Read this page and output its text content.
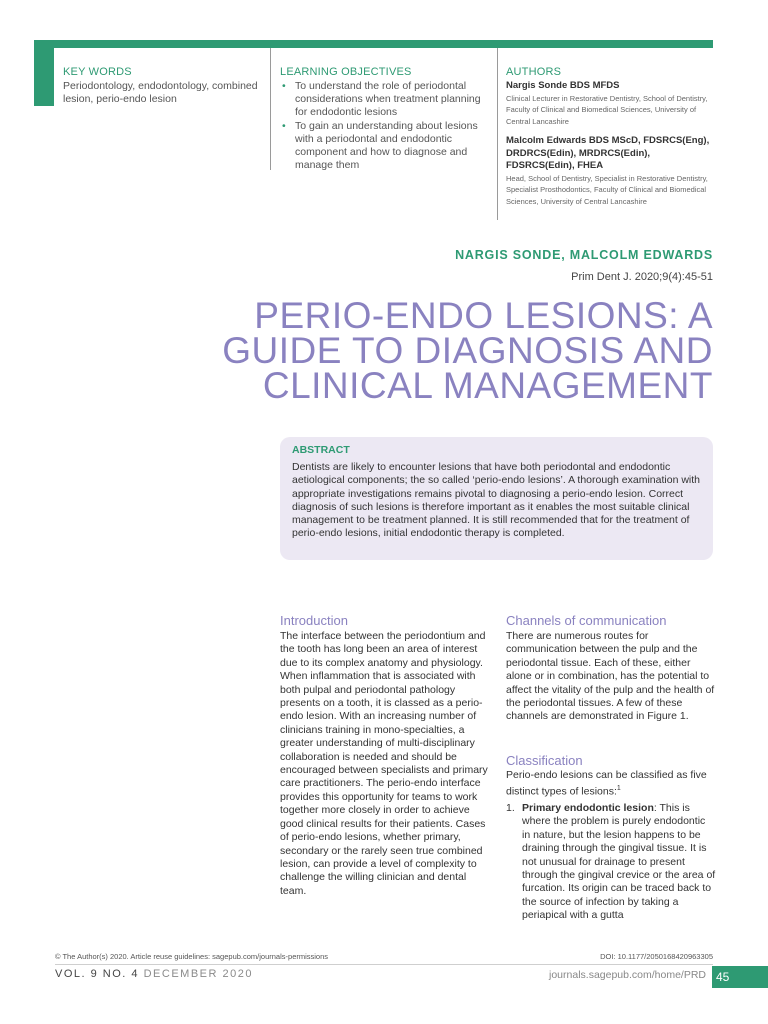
KEY WORDS
Periodontology, endodontology, combined lesion, perio-endo lesion
LEARNING OBJECTIVES
• To understand the role of periodontal considerations when treatment planning for endodontic lesions
• To gain an understanding about lesions with a periodontal and endodontic component and how to diagnose and manage them
AUTHORS
Nargis Sonde BDS MFDS
Clinical Lecturer in Restorative Dentistry, School of Dentistry, Faculty of Clinical and Biomedical Sciences, University of Central Lancashire
Malcolm Edwards BDS MScD, FDSRCS(Eng), DRDRCS(Edin), MRDRCS(Edin), FDSRCS(Edin), FHEA
Head, School of Dentistry, Specialist in Restorative Dentistry, Specialist Prosthodontics, Faculty of Clinical and Biomedical Sciences, University of Central Lancashire
NARGIS SONDE, MALCOLM EDWARDS
Prim Dent J. 2020;9(4):45-51
PERIO-ENDO LESIONS: A GUIDE TO DIAGNOSIS AND CLINICAL MANAGEMENT
ABSTRACT
Dentists are likely to encounter lesions that have both periodontal and endodontic aetiological components; the so called ‘perio-endo lesions’. A thorough examination with appropriate investigations remains pivotal to diagnosing a perio-endo lesion. Correct diagnosis of such lesions is therefore important as it enables the most suitable clinical management to be treatment planned. It is still recommended that for the treatment of perio-endo lesions, initial endodontic therapy is completed.
Introduction
The interface between the periodontium and the tooth has long been an area of interest due to its complex anatomy and physiology. When inflammation that is associated with both pulpal and periodontal pathology presents on a tooth, it is classed as a perio-endo lesion. With an increasing number of clinicians training in mono-specialties, a greater understanding of multi-disciplinary collaboration is needed and should be encouraged between specialists and primary care practitioners. The perio-endo interface provides this opportunity for teams to work together more closely in order to achieve good clinical results for their patients. Cases of perio-endo lesions, whether primary, secondary or the rarely seen true combined lesion, can provide a level of complexity to challenge the willing clinician and dental team.
Channels of communication
There are numerous routes for communication between the pulp and the periodontal tissue. Each of these, either alone or in combination, has the potential to affect the vitality of the pulp and the health of the periodontal tissues. A few of these channels are demonstrated in Figure 1.
Classification
Perio-endo lesions can be classified as five distinct types of lesions:$^1$
1. Primary endodontic lesion: This is where the problem is purely endodontic in nature, but the lesion happens to be draining through the gingival tissue. It is not unusual for drainage to present through the gingival crevice or the area of furcation. Its origin can be traced back to the source of infection by taking a periapical with a gutta
© The Author(s) 2020. Article reuse guidelines: sagepub.com/journals-permissions	DOI: 10.1177/2050168420963305
VOL. 9 NO. 4 DECEMBER 2020	journals.sagepub.com/home/PRD 45
